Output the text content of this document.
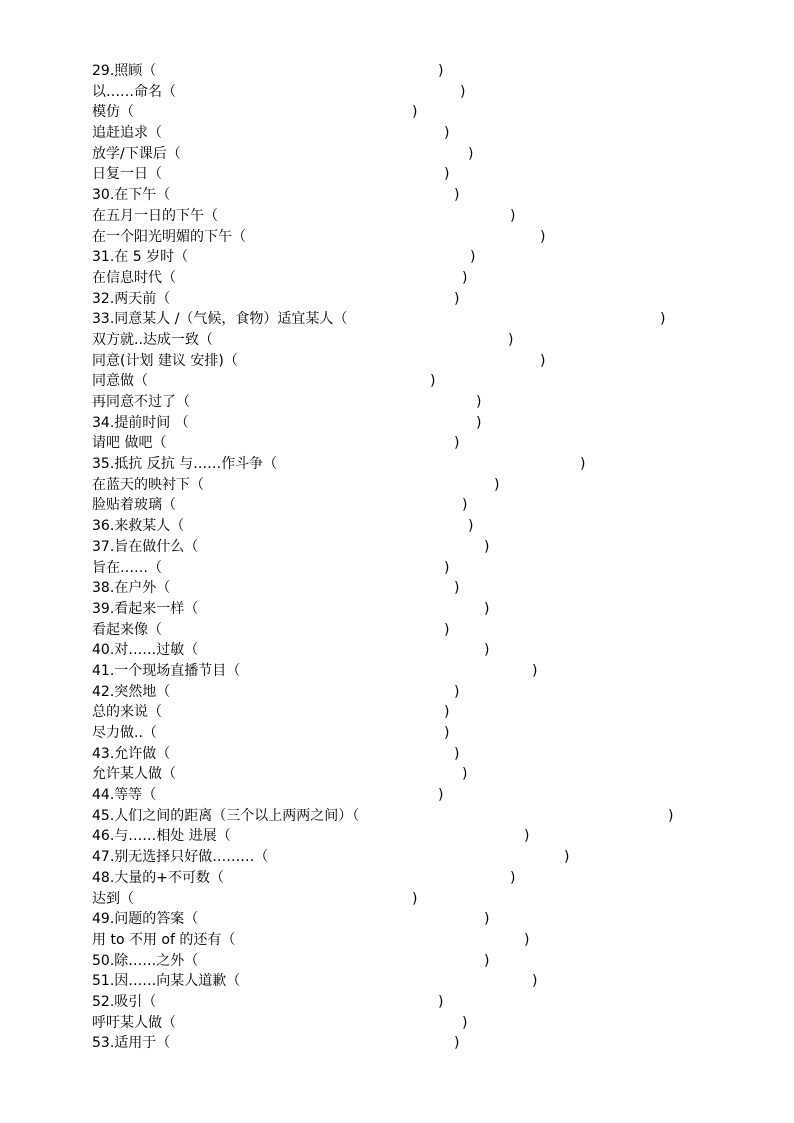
29.照顾（	)
以……命名（	)
模仿（	)
追赶追求（	)
放学/下课后（	)
日复一日（	)
30.在下午（	)
在五月一日的下午（	)
在一个阳光明媚的下午（	)
31.在 5 岁时（	)
在信息时代（	)
32.两天前（	)
33.同意某人 /（气候，食物）适宜某人（	)
双方就..达成一致（	)
同意(计划 建议 安排)（	)
同意做（	)
再同意不过了（	)
34.提前时间 （	)
请吧 做吧（	)
35.抵抗 反抗 与……作斗争（	)
在蓝天的映衬下（	)
脸贴着玻璃（	)
36.来救某人（	)
37.旨在做什么（	)
旨在……（	)
38.在户外（	)
39.看起来一样（	)
看起来像（	)
40.对……过敏（	)
41.一个现场直播节目（	)
42.突然地（	)
总的来说（	)
尽力做..（	)
43.允许做（	)
允许某人做（	)
44.等等（	)
45.人们之间的距离（三个以上两两之间）（	)
46.与……相处 进展（	)
47.别无选择只好做………（	)
48.大量的+不可数（	)
达到（	)
49.问题的答案（	)
用 to 不用 of 的还有（	)
50.除……之外（	)
51.因……向某人道歉（	)
52.吸引（	)
呼吁某人做（	)
53.适用于（	)
